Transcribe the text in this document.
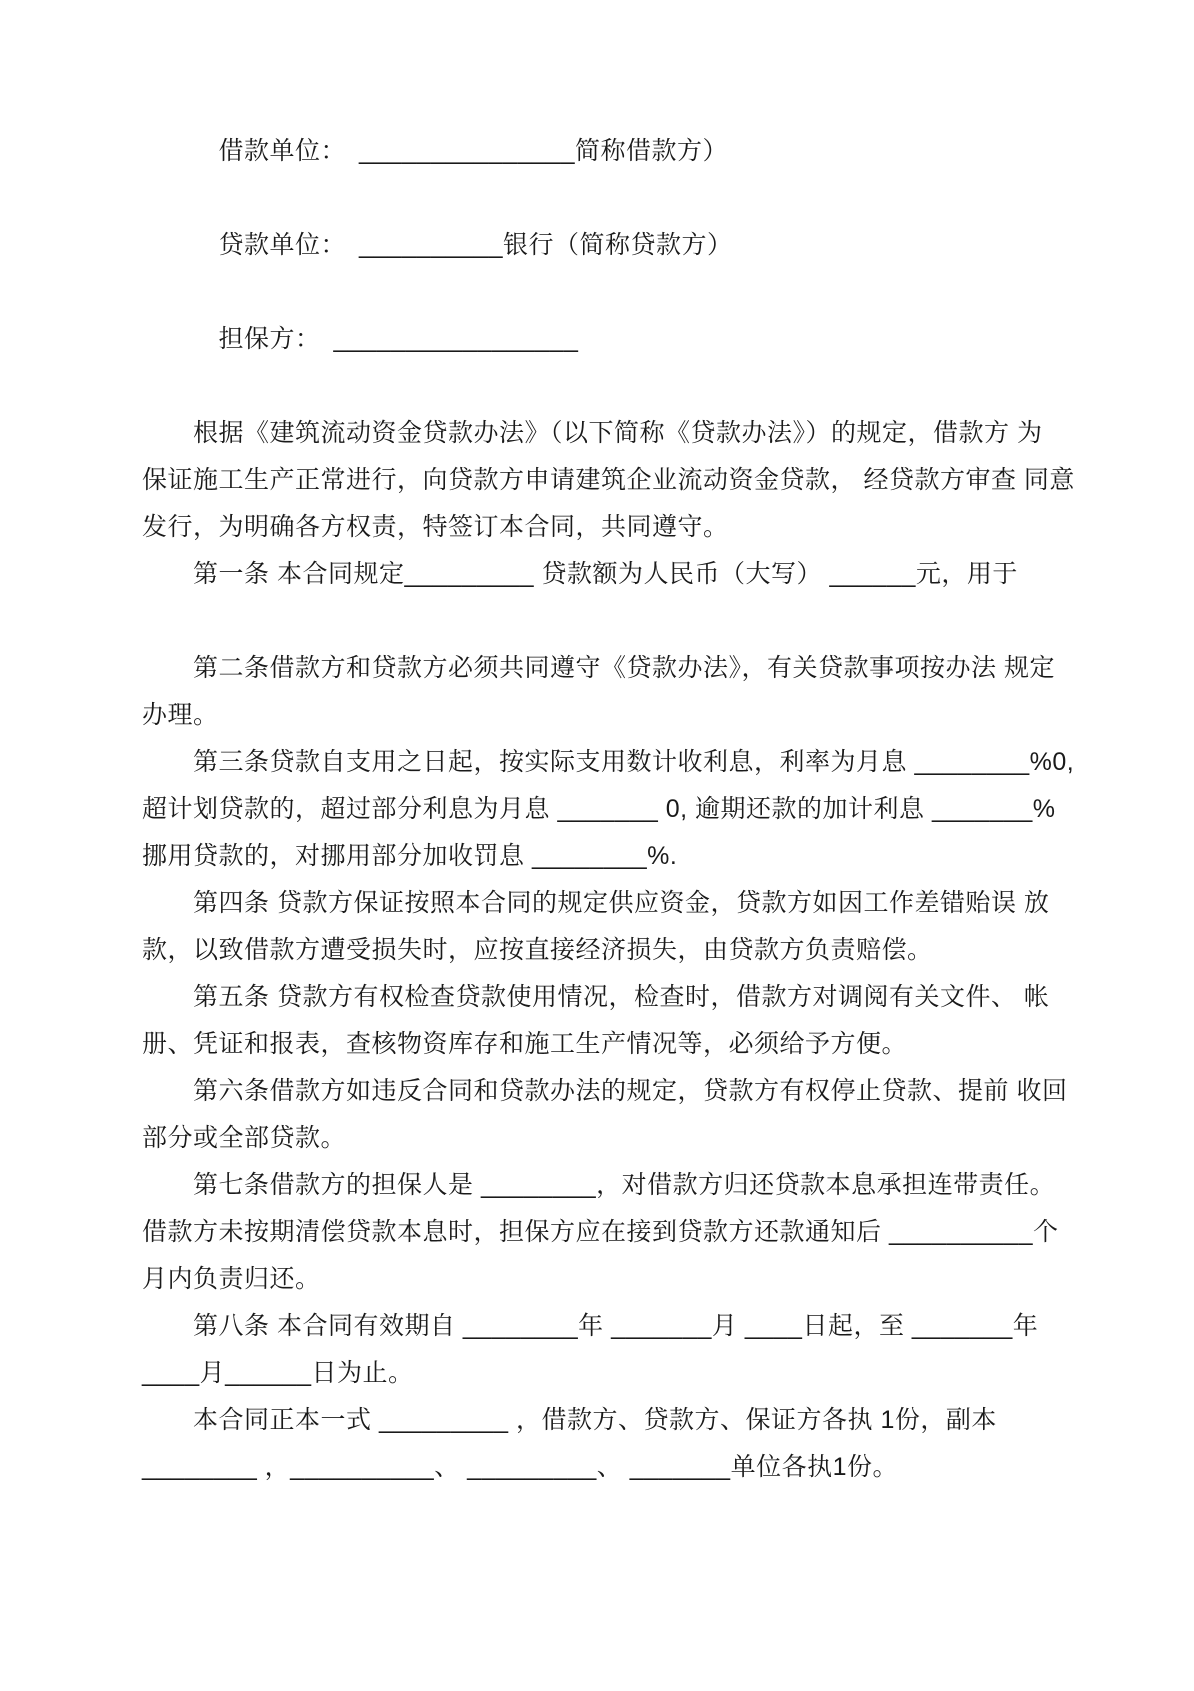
　　　借款单位：　_______________简称借款方）
　　　贷款单位：　__________银行（简称贷款方）
　　　担保方：　_________________
　　根据《建筑流动资金贷款办法》（以下简称《贷款办法》）的规定，借款方 为
保证施工生产正常进行，向贷款方申请建筑企业流动资金贷款， 经贷款方审查 同意
发行，为明确各方权责，特签订本合同，共同遵守。
　　第一条 本合同规定_________ 贷款额为人民币（大写） ______元，用于
　　第二条借款方和贷款方必须共同遵守《贷款办法》，有关贷款事项按办法 规定
办理。
　　第三条贷款自支用之日起，按实际支用数计收利息，利率为月息 ________%0,
超计划贷款的，超过部分利息为月息 _______ 0, 逾期还款的加计利息 _______%
挪用贷款的，对挪用部分加收罚息 ________%.
　　第四条 贷款方保证按照本合同的规定供应资金，贷款方如因工作差错贻误 放
款，以致借款方遭受损失时，应按直接经济损失，由贷款方负责赔偿。
　　第五条 贷款方有权检查贷款使用情况，检查时，借款方对调阅有关文件、 帐
册、凭证和报表，查核物资库存和施工生产情况等，必须给予方便。
　　第六条借款方如违反合同和贷款办法的规定，贷款方有权停止贷款、提前 收回
部分或全部贷款。
　　第七条借款方的担保人是 ________，对借款方归还贷款本息承担连带责任。
借款方未按期清偿贷款本息时，担保方应在接到贷款方还款通知后 __________个
月内负责归还。
　　第八条 本合同有效期自 ________年 _______月 ____日起，至 _______年
____月______日为止。
　　本合同正本一式 _________ ，借款方、贷款方、保证方各执 1份，副本
________ ，__________、 _________、 _______单位各执1份。
